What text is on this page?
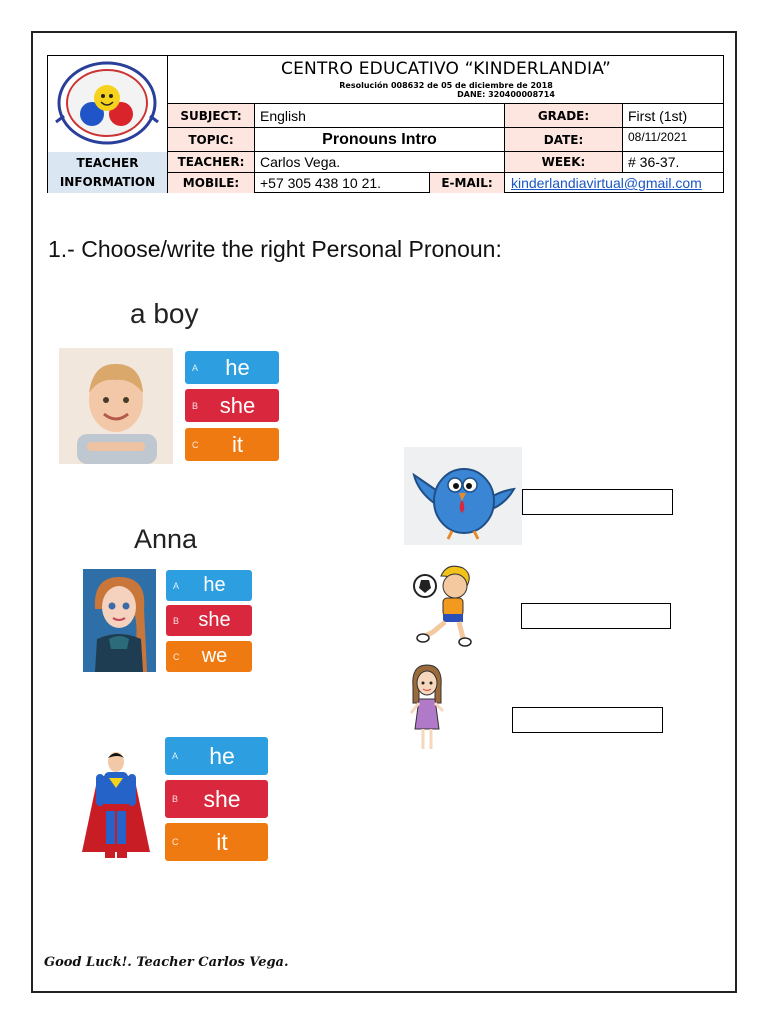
CENTRO EDUCATIVO “KINDERLANDIA”
Resolución 008632 de 05 de diciembre de 2018
DANE: 320400008714
SUBJECT:	English	GRADE:	First (1st)
TOPIC:	Pronouns Intro	DATE:	08/11/2021
TEACHER
INFORMATION
TEACHER:	Carlos Vega.	WEEK:	# 36-37.
MOBILE:	+57 305 438 10 21.	E-MAIL:	kinderlandiavirtual@gmail.com
1.- Choose/write the right Personal Pronoun:
a boy
A	he
B she
C	it
Anna
A	he
B she
C	we
A	he
B	she
C	it
Good Luck!. Teacher Carlos Vega.
